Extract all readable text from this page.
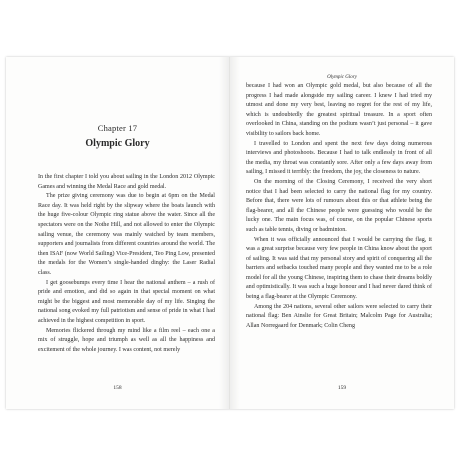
Chapter 17
Olympic Glory

In the first chapter I told you about sailing in the London 2012 Olympic Games and winning the Medal Race and gold medal.

The prize giving ceremony was due to begin at 6pm on the Medal Race day. It was held right by the slipway where the boats launch with the huge five-colour Olympic ring statue above the water. Since all the spectators were on the Nothe Hill, and not allowed to enter the Olympic sailing venue, the ceremony was mainly watched by team members, supporters and journalists from different countries around the world. The then ISAF (now World Sailing) Vice-President, Teo Ping Low, presented the medals for the Women’s single-handed dinghy: the Laser Radial class.

I get goosebumps every time I hear the national anthem – a rush of pride and emotion, and did so again in that special moment on what might be the biggest and most memorable day of my life. Singing the national song evoked my full patriotism and sense of pride in what I had achieved in the highest competition in sport.

Memories flickered through my mind like a film reel – each one a mix of struggle, hope and triumph as well as all the happiness and excitement of the whole journey. I was content, not merely

158
Olympic Glory

because I had won an Olympic gold medal, but also because of all the progress I had made alongside my sailing career. I knew I had tried my utmost and done my very best, leaving no regret for the rest of my life, which is undoubtedly the greatest spiritual treasure. In a sport often overlooked in China, standing on the podium wasn’t just personal – it gave visibility to sailors back home.

I travelled to London and spent the next few days doing numerous interviews and photoshoots. Because I had to talk endlessly in front of all the media, my throat was constantly sore. After only a few days away from sailing, I missed it terribly: the freedom, the joy, the closeness to nature.

On the morning of the Closing Ceremony, I received the very short notice that I had been selected to carry the national flag for my country. Before that, there were lots of rumours about this or that athlete being the flag-bearer, and all the Chinese people were guessing who would be the lucky one. The main focus was, of course, on the popular Chinese sports such as table tennis, diving or badminton.

When it was officially announced that I would be carrying the flag, it was a great surprise because very few people in China know about the sport of sailing. It was said that my personal story and spirit of conquering all the barriers and setbacks touched many people and they wanted me to be a role model for all the young Chinese, inspiring them to chase their dreams boldly and optimistically. It was such a huge honour and I had never dared think of being a flag-bearer at the Olympic Ceremony.

Among the 204 nations, several other sailors were selected to carry their national flag: Ben Ainslie for Great Britain; Malcolm Page for Australia; Allan Norregaard for Denmark; Colin Cheng

159
